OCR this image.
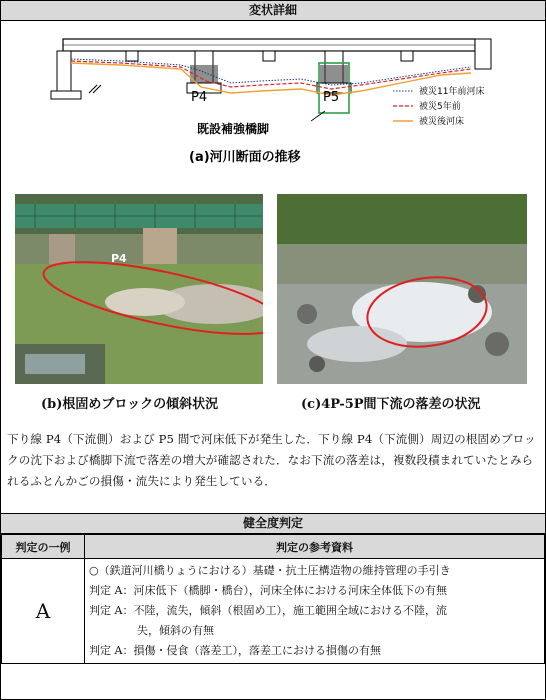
変状詳細
P4	P5
既設補強橋脚
被災11年前河床
被災5年前
被災後河床
(a)河川断面の推移
P4
(b)根固めブロックの傾斜状況	(c)4P-5P間下流の落差の状況
下り線 P4（下流側）および P5 間で河床低下が発生した．下り線 P4（下流側）周辺の根固めブロックの沈下および橋脚下流で落差の増大が確認された．なお下流の落差は，複数段積まれていたとみられるふとんかごの損傷・流失により発生している．
健全度判定
判定の一例	判定の参考資料
A	○（鉄道河川橋りょうにおける）基礎・抗土圧構造物の維持管理の手引き
判定 A：河床低下（橋脚・橋台），河床全体における河床全体低下の有無
判定 A：不陸，流失，傾斜（根固め工），施工範囲全域における不陸，流
失，傾斜の有無
判定 A：損傷・侵食（落差工），落差工における損傷の有無
